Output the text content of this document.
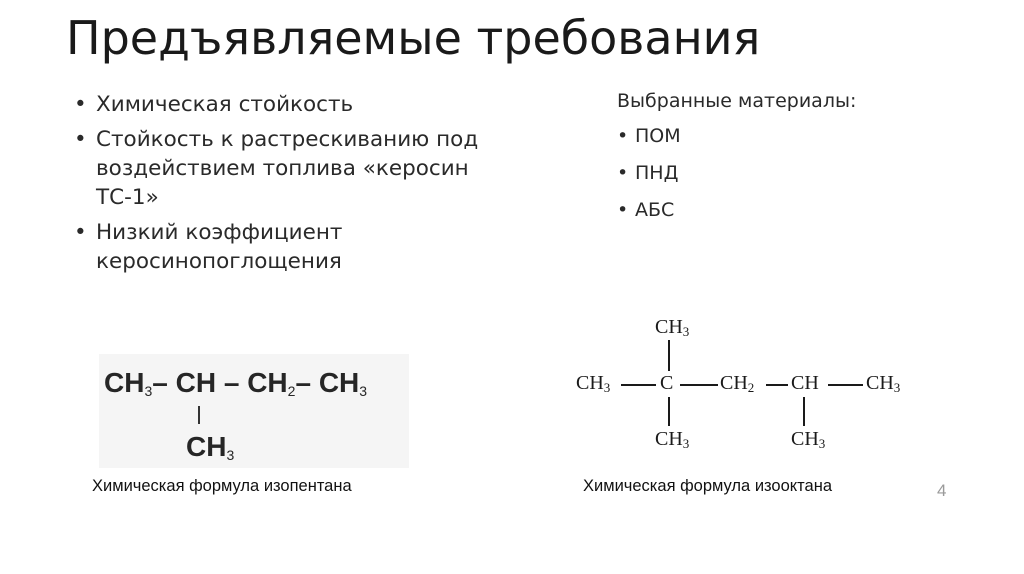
Предъявляемые требования
• Химическая стойкость
• Стойкость к растрескиванию под воздействием топлива «керосин ТС-1»
• Низкий коэффициент керосинопоглощения
Выбранные материалы:
• ПОМ
• ПНД
• АБС
$CH_3-$ CH – $CH_2-$ $CH_3$
$CH_3$
$CH_3$
$CH_3$ C $CH_2$ CH $CH_3$
$CH_3$	$CH_3$
Химическая формула изопентана	Химическая формула изооктана	4
